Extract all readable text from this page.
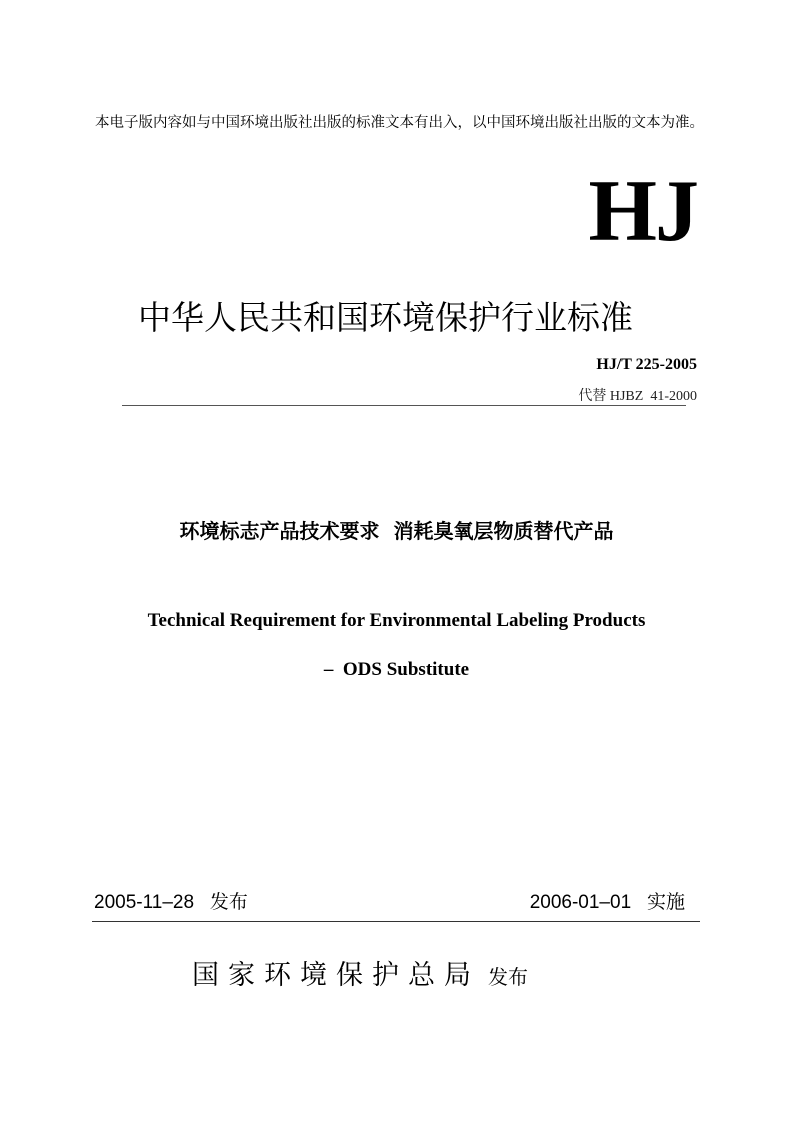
本电子版内容如与中国环境出版社出版的标准文本有出入，以中国环境出版社出版的文本为准。
HJ
中华人民共和国环境保护行业标准
HJ/T 225-2005
代替 HJBZ  41-2000
环境标志产品技术要求 消耗臭氧层物质替代产品
Technical Requirement for Environmental Labeling Products
–  ODS Substitute
2005-11–28 发布	2006-01–01 实施
国家环境保护总局 发布
